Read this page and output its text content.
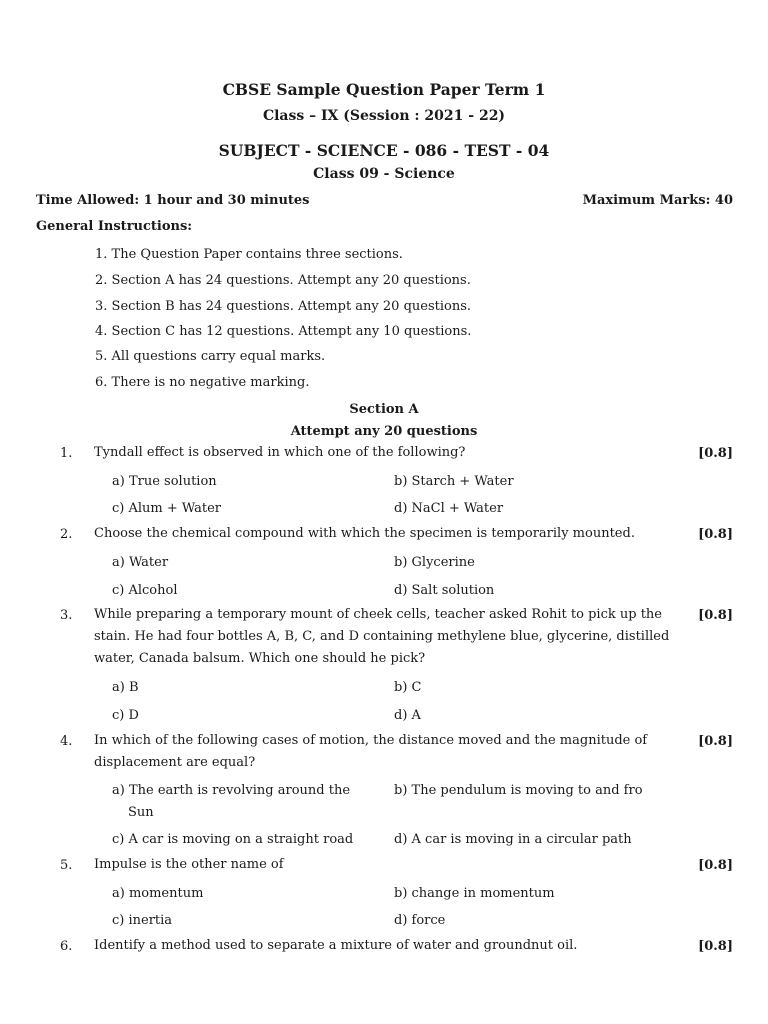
CBSE Sample Question Paper Term 1
Class – IX (Session : 2021 - 22)
SUBJECT - SCIENCE - 086 - TEST - 04
Class 09 - Science
Time Allowed: 1 hour and 30 minutes	Maximum Marks: 40
General Instructions:
1. The Question Paper contains three sections.
2. Section A has 24 questions. Attempt any 20 questions.
3. Section B has 24 questions. Attempt any 20 questions.
4. Section C has 12 questions. Attempt any 10 questions.
5. All questions carry equal marks.
6. There is no negative marking.
Section A
Attempt any 20 questions
1. Tyndall effect is observed in which one of the following?	[0.8]
a) True solution	b) Starch + Water
c) Alum + Water	d) NaCl + Water
2. Choose the chemical compound with which the specimen is temporarily mounted.	[0.8]
a) Water	b) Glycerine
c) Alcohol	d) Salt solution
3. While preparing a temporary mount of cheek cells, teacher asked Rohit to pick up the stain. He had four bottles A, B, C, and D containing methylene blue, glycerine, distilled water, Canada balsum. Which one should he pick?
[0.8]
a) B	b) C
c) D	d) A
4. In which of the following cases of motion, the distance moved and the magnitude of displacement are equal?
[0.8]
a) The earth is revolving around the Sun
b) The pendulum is moving to and fro
c) A car is moving on a straight road	d) A car is moving in a circular path
5. Impulse is the other name of	[0.8]
a) momentum	b) change in momentum
c) inertia	d) force
6. Identify a method used to separate a mixture of water and groundnut oil.	[0.8]
